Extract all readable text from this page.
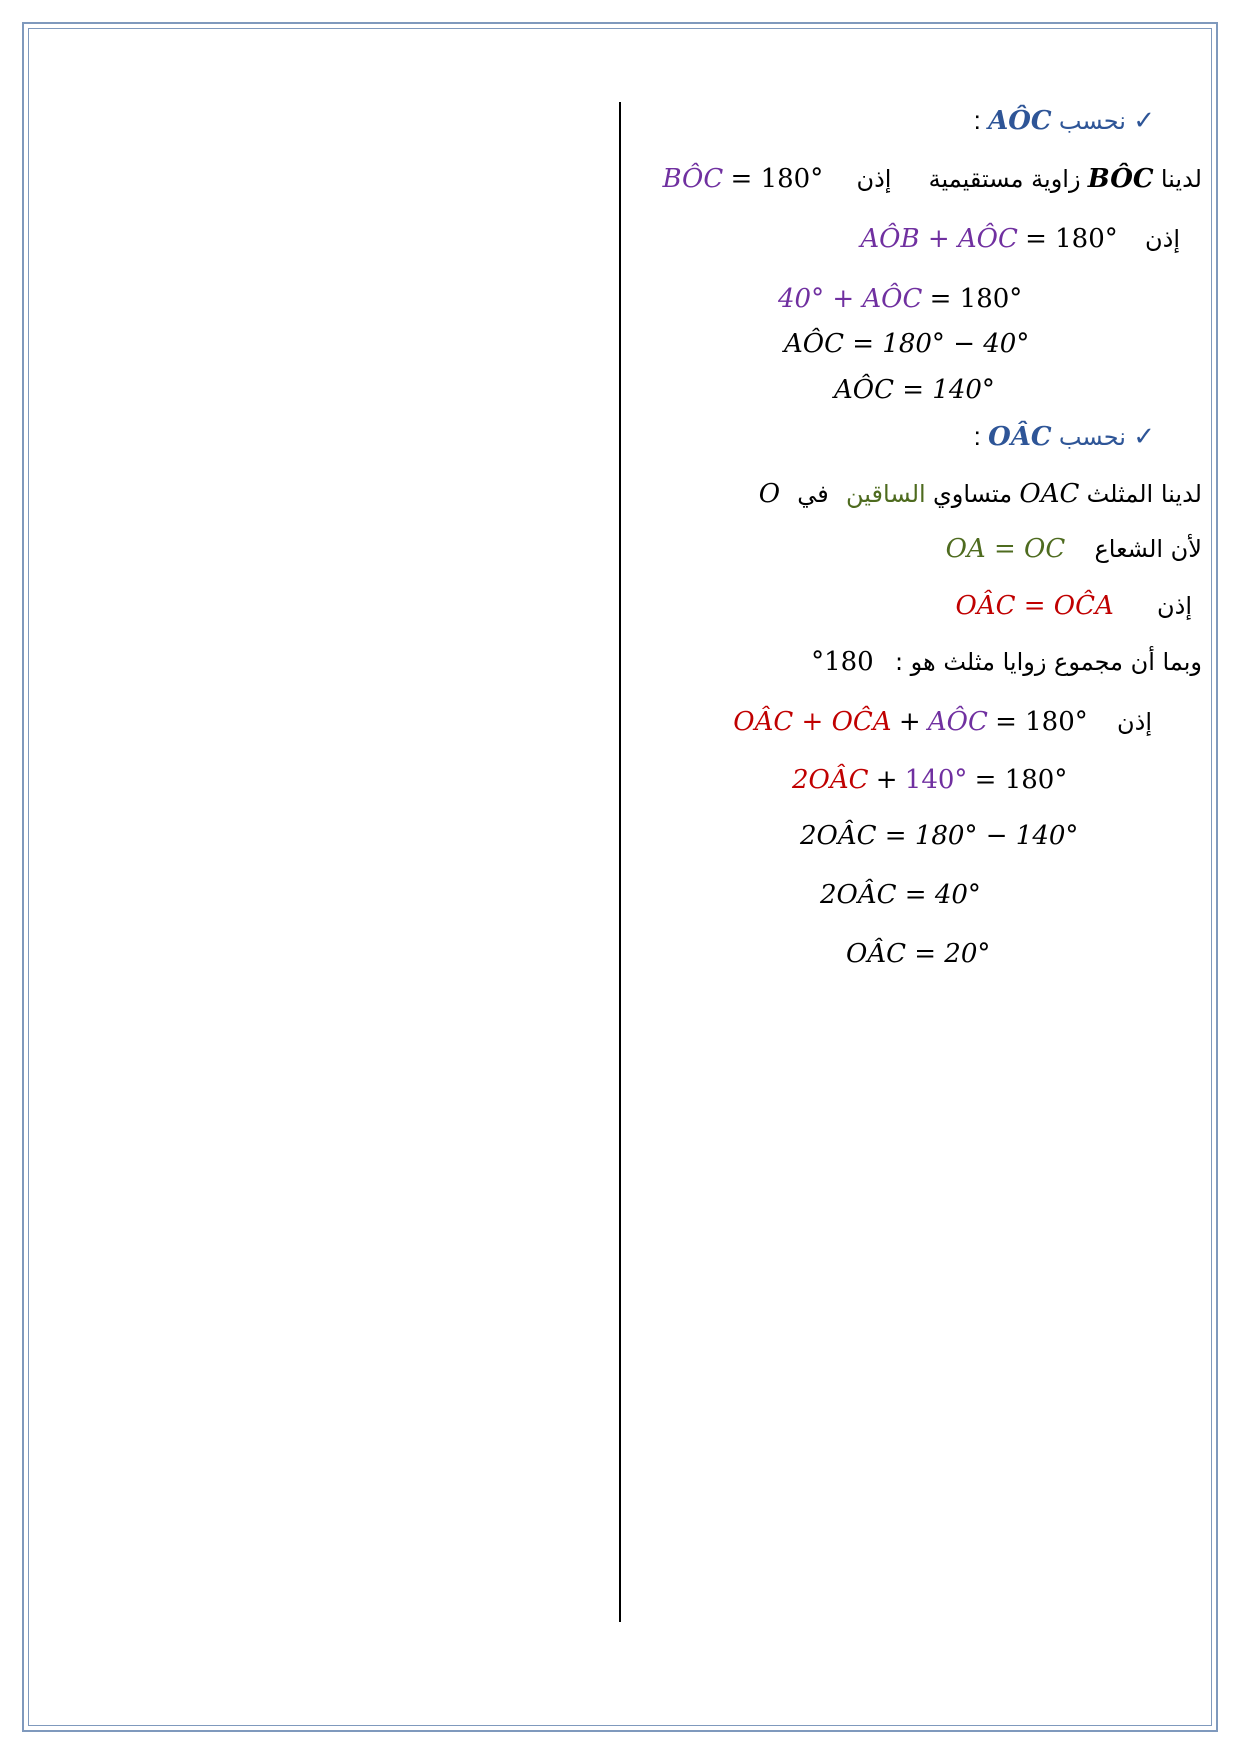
✓ نحسب AÔC :
لدينا BÔC زاوية مستقيمية إذن BÔC = 180°
إذن AÔB + AÔC = 180°
40° + AÔC = 180°
AÔC = 180° − 40°
AÔC = 140°
✓ نحسب OÂC :
لدينا المثلث OAC متساوي الساقين في O
لأن الشعاع OA = OC
إذن OÂC = OĈA
وبما أن مجموع زوايا مثلث هو : 180°
إذن OÂC + OĈA + AÔC = 180°
2OÂC + 140° = 180°
2OÂC = 180° − 140°
2OÂC = 40°
OÂC = 20°
